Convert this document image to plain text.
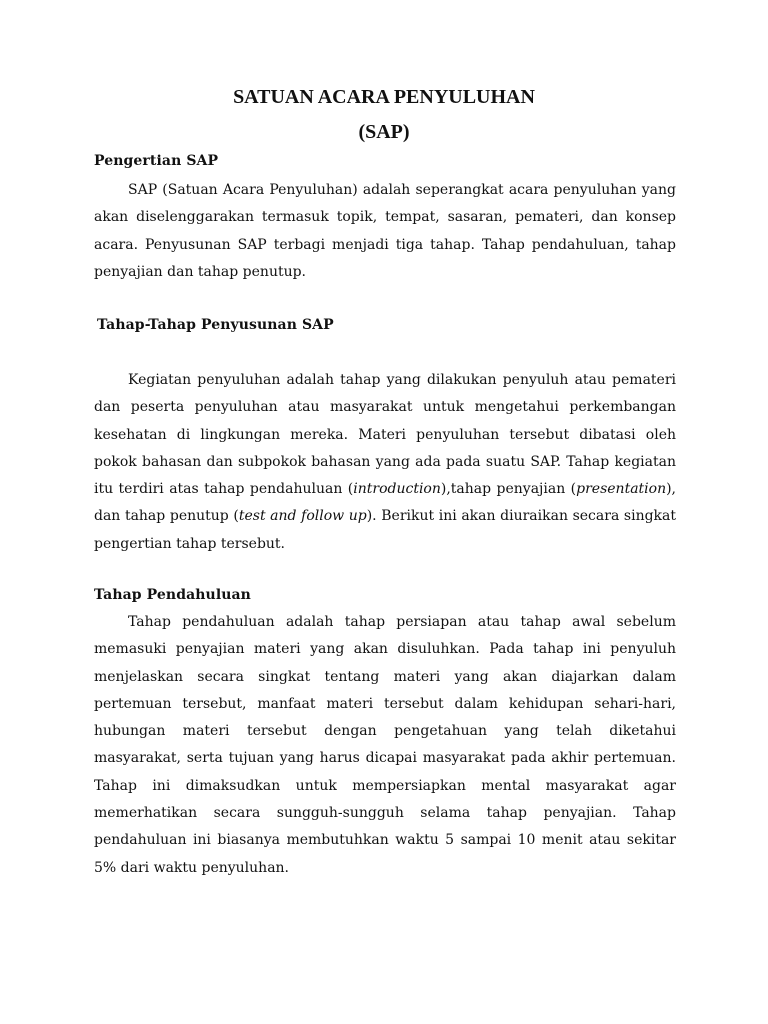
SATUAN ACARA PENYULUHAN
(SAP)
Pengertian SAP
SAP (Satuan Acara Penyuluhan) adalah seperangkat acara penyuluhan yang akan diselenggarakan termasuk topik, tempat, sasaran, pemateri, dan konsep acara. Penyusunan SAP terbagi menjadi tiga tahap. Tahap pendahuluan, tahap penyajian dan tahap penutup.
Tahap-Tahap Penyusunan SAP
Kegiatan penyuluhan adalah tahap yang dilakukan penyuluh atau pemateri dan peserta penyuluhan atau masyarakat untuk mengetahui perkembangan kesehatan di lingkungan mereka. Materi penyuluhan tersebut dibatasi oleh pokok bahasan dan subpokok bahasan yang ada pada suatu SAP. Tahap kegiatan itu terdiri atas tahap pendahuluan (introduction),tahap penyajian (presentation), dan tahap penutup (test and follow up). Berikut ini akan diuraikan secara singkat pengertian tahap tersebut.
Tahap Pendahuluan
Tahap pendahuluan adalah tahap persiapan atau tahap awal sebelum memasuki penyajian materi yang akan disuluhkan. Pada tahap ini penyuluh menjelaskan secara singkat tentang materi yang akan diajarkan dalam pertemuan tersebut, manfaat materi tersebut dalam kehidupan sehari-hari, hubungan materi tersebut dengan pengetahuan yang telah diketahui masyarakat, serta tujuan yang harus dicapai masyarakat pada akhir pertemuan. Tahap ini dimaksudkan untuk mempersiapkan mental masyarakat agar memerhatikan secara sungguh-sungguh selama tahap penyajian. Tahap pendahuluan ini biasanya membutuhkan waktu 5 sampai 10 menit atau sekitar 5% dari waktu penyuluhan.
